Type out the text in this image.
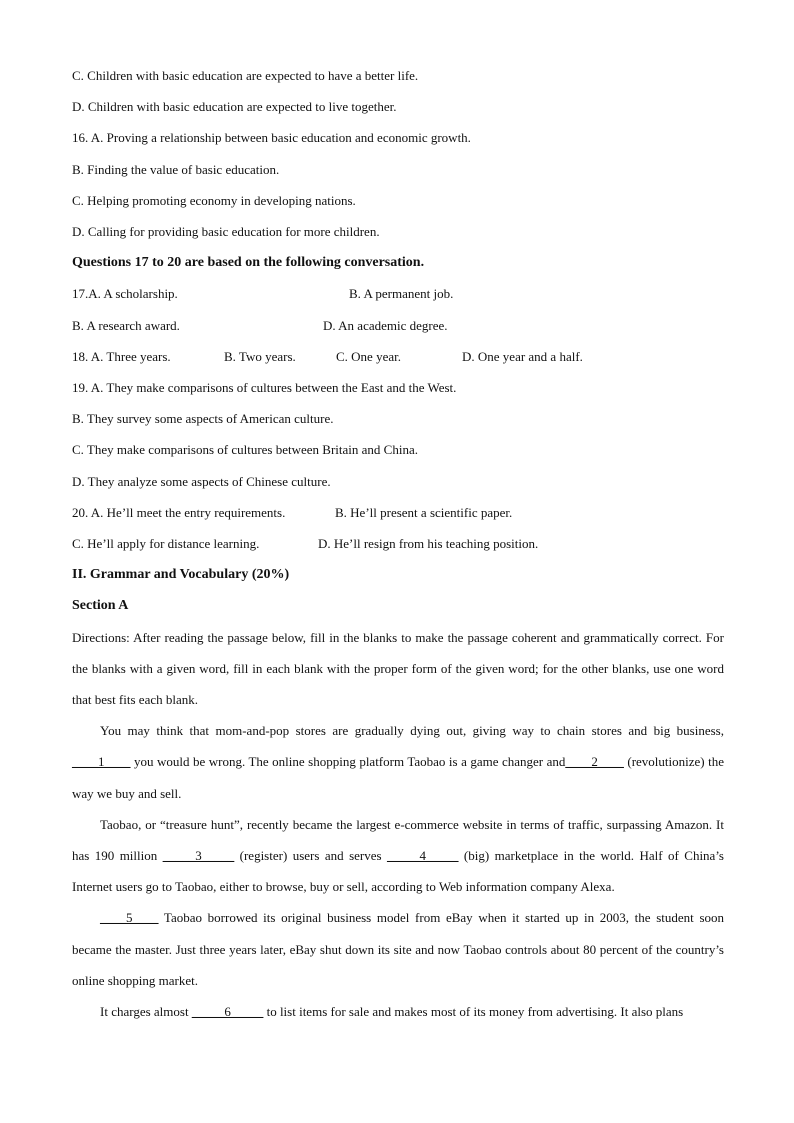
C. Children with basic education are expected to have a better life.
D. Children with basic education are expected to live together.
16. A. Proving a relationship between basic education and economic growth.
B. Finding the value of basic education.
C. Helping promoting economy in developing nations.
D. Calling for providing basic education for more children.
Questions 17 to 20 are based on the following conversation.
17.A. A scholarship.	B. A permanent job.
B. A research award.	D. An academic degree.
18. A. Three years.	B. Two years.	C. One year.	D. One year and a half.
19. A. They make comparisons of cultures between the East and the West.
B. They survey some aspects of American culture.
C. They make comparisons of cultures between Britain and China.
D. They analyze some aspects of Chinese culture.
20. A. He’ll meet the entry requirements.	B. He’ll present a scientific paper.
C. He’ll apply for distance learning.	D. He’ll resign from his teaching position.
II. Grammar and Vocabulary (20%)
Section A
Directions: After reading the passage below, fill in the blanks to make the passage coherent and grammatically correct. For the blanks with a given word, fill in each blank with the proper form of the given word; for the other blanks, use one word that best fits each blank.
You may think that mom-and-pop stores are gradually dying out, giving way to chain stores and big business, ____1____ you would be wrong. The online shopping platform Taobao is a game changer and____2____ (revolutionize) the way we buy and sell.
Taobao, or “treasure hunt”, recently became the largest e-commerce website in terms of traffic, surpassing Amazon. It has 190 million _____3_____ (register) users and serves _____4_____ (big) marketplace in the world. Half of China’s Internet users go to Taobao, either to browse, buy or sell, according to Web information company Alexa.
____5____ Taobao borrowed its original business model from eBay when it started up in 2003, the student soon became the master. Just three years later, eBay shut down its site and now Taobao controls about 80 percent of the country’s online shopping market.
It charges almost _____6_____ to list items for sale and makes most of its money from advertising. It also plans
